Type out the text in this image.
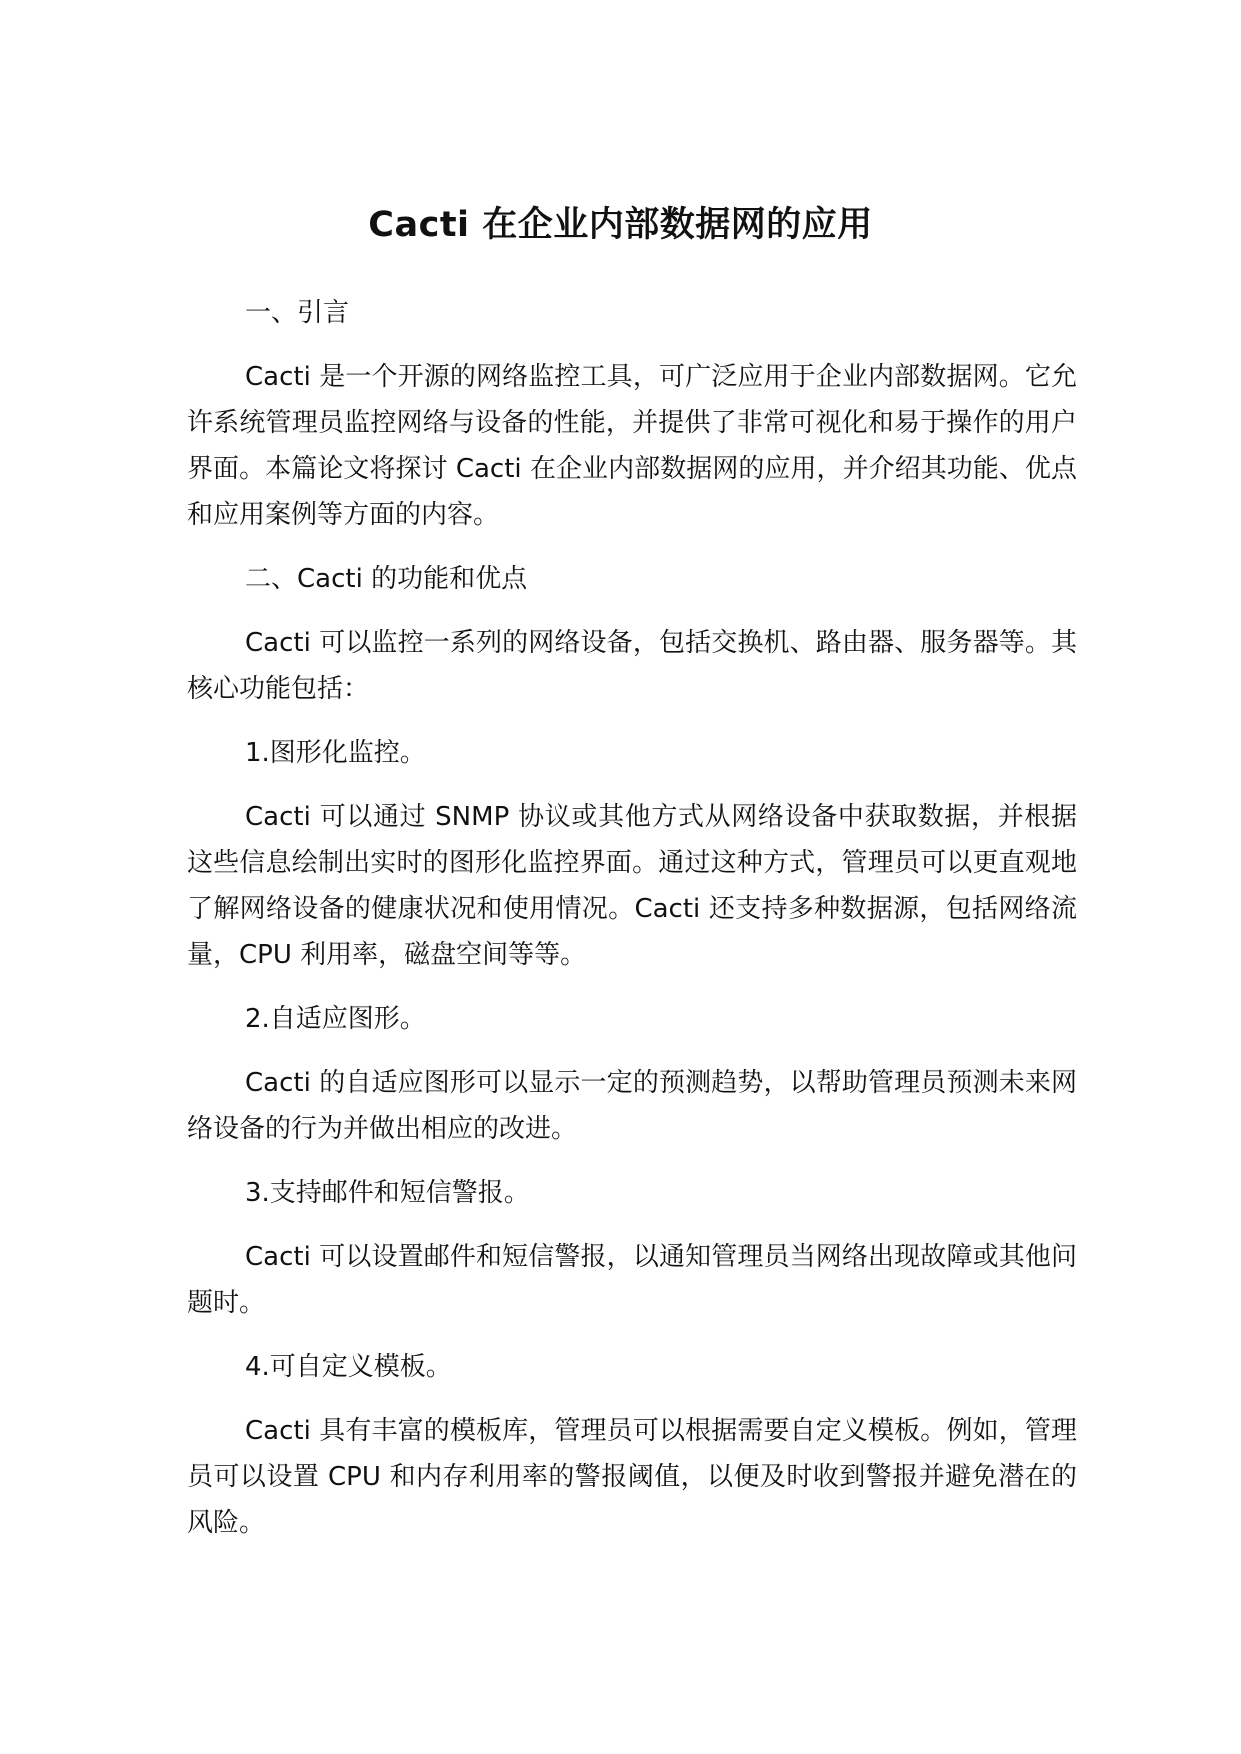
Cacti 在企业内部数据网的应用

一、引言

Cacti 是一个开源的网络监控工具，可广泛应用于企业内部数据网。它允许系统管理员监控网络与设备的性能，并提供了非常可视化和易于操作的用户界面。本篇论文将探讨 Cacti 在企业内部数据网的应用，并介绍其功能、优点和应用案例等方面的内容。

二、Cacti 的功能和优点

Cacti 可以监控一系列的网络设备，包括交换机、路由器、服务器等。其核心功能包括：

1.图形化监控。

Cacti 可以通过 SNMP 协议或其他方式从网络设备中获取数据，并根据这些信息绘制出实时的图形化监控界面。通过这种方式，管理员可以更直观地了解网络设备的健康状况和使用情况。Cacti 还支持多种数据源，包括网络流量，CPU 利用率，磁盘空间等等。

2.自适应图形。

Cacti 的自适应图形可以显示一定的预测趋势，以帮助管理员预测未来网络设备的行为并做出相应的改进。

3.支持邮件和短信警报。

Cacti 可以设置邮件和短信警报，以通知管理员当网络出现故障或其他问题时。

4.可自定义模板。

Cacti 具有丰富的模板库，管理员可以根据需要自定义模板。例如，管理员可以设置 CPU 和内存利用率的警报阈值，以便及时收到警报并避免潜在的风险。
